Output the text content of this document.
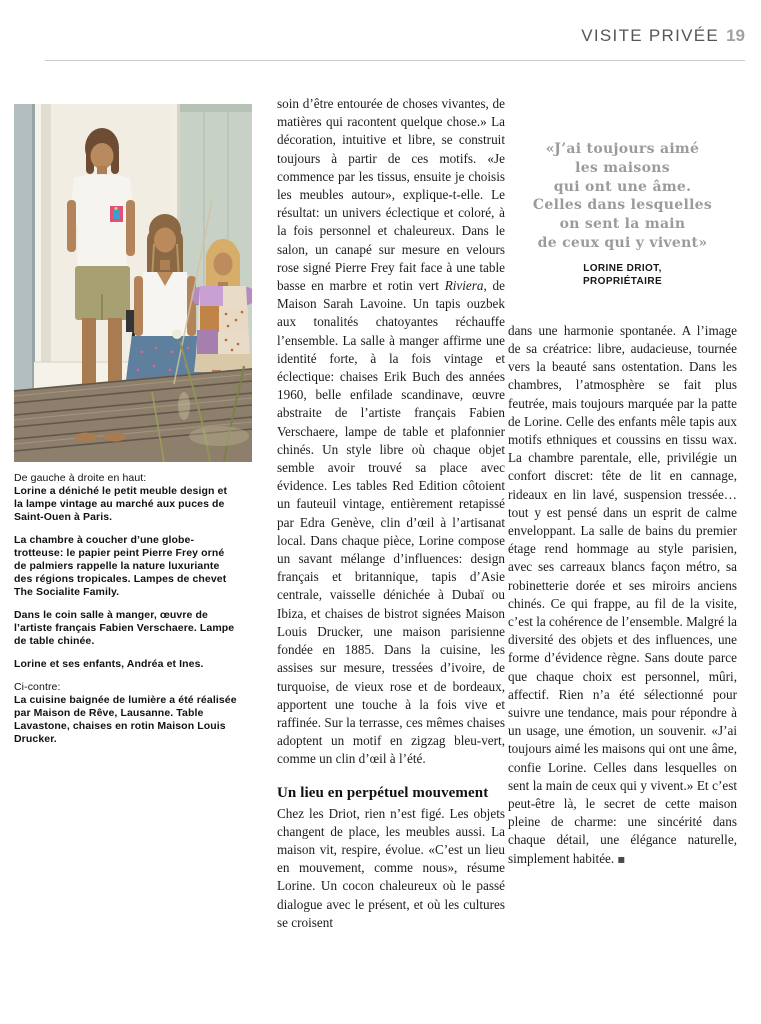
VISITE PRIVÉE 19

De gauche à droite en haut:
Lorine a déniché le petit meuble design et la lampe vintage au marché aux puces de Saint-Ouen à Paris.

La chambre à coucher d’une globe-trotteuse: le papier peint Pierre Frey orné de palmiers rappelle la nature luxuriante des régions tropicales. Lampes de chevet The Socialite Family.

Dans le coin salle à manger, œuvre de l’artiste français Fabien Verschaere. Lampe de table chinée.

Lorine et ses enfants, Andréa et Ines.

Ci-contre:
La cuisine baignée de lumière a été réalisée par Maison de Rêve, Lausanne. Table Lavastone, chaises en rotin Maison Louis Drucker.

soin d’être entourée de choses vivantes, de matières qui racontent quelque chose.» La décoration, intuitive et libre, se construit toujours à partir de ces motifs. «Je commence par les tissus, ensuite je choisis les meubles autour», explique-t-elle. Le résultat: un univers éclectique et coloré, à la fois personnel et chaleureux. Dans le salon, un canapé sur mesure en velours rose signé Pierre Frey fait face à une table basse en marbre et rotin vert Riviera, de Maison Sarah Lavoine. Un tapis ouzbek aux tonalités chatoyantes réchauffe l’ensemble. La salle à manger affirme une identité forte, à la fois vintage et éclectique: chaises Erik Buch des années 1960, belle enfilade scandinave, œuvre abstraite de l’artiste français Fabien Verschaere, lampe de table et plafonnier chinés. Un style libre où chaque objet semble avoir trouvé sa place avec évidence. Les tables Red Edition côtoient un fauteuil vintage, entièrement retapissé par Edra Genève, clin d’œil à l’artisanat local. Dans chaque pièce, Lorine compose un savant mélange d’influences: design français et britannique, tapis d’Asie centrale, vaisselle dénichée à Dubaï ou Ibiza, et chaises de bistrot signées Maison Louis Drucker, une maison parisienne fondée en 1885. Dans la cuisine, les assises sur mesure, tressées d’ivoire, de turquoise, de vieux rose et de bordeaux, apportent une touche à la fois vive et raffinée. Sur la terrasse, ces mêmes chaises adoptent un motif en zigzag bleu-vert, comme un clin d’œil à l’été.

Un lieu en perpétuel mouvement

Chez les Driot, rien n’est figé. Les objets changent de place, les meubles aussi. La maison vit, respire, évolue. «C’est un lieu en mouvement, comme nous», résume Lorine. Un cocon chaleureux où le passé dialogue avec le présent, et où les cultures se croisent

«J’ai toujours aimé
les maisons
qui ont une âme.
Celles dans lesquelles
on sent la main
de ceux qui y vivent»
LORINE DRIOT,
PROPRIÉTAIRE

dans une harmonie spontanée. A l’image de sa créatrice: libre, audacieuse, tournée vers la beauté sans ostentation. Dans les chambres, l’atmosphère se fait plus feutrée, mais toujours marquée par la patte de Lorine. Celle des enfants mêle tapis aux motifs ethniques et coussins en tissu wax. La chambre parentale, elle, privilégie un confort discret: tête de lit en cannage, rideaux en lin lavé, suspension tressée… tout y est pensé dans un esprit de calme enveloppant. La salle de bains du premier étage rend hommage au style parisien, avec ses carreaux blancs façon métro, sa robinetterie dorée et ses miroirs anciens chinés. Ce qui frappe, au fil de la visite, c’est la cohérence de l’ensemble. Malgré la diversité des objets et des influences, une forme d’évidence règne. Sans doute parce que chaque choix est personnel, mûri, affectif. Rien n’a été sélectionné pour suivre une tendance, mais pour répondre à un usage, une émotion, un souvenir. «J’ai toujours aimé les maisons qui ont une âme, confie Lorine. Celles dans lesquelles on sent la main de ceux qui y vivent.» Et c’est peut-être là, le secret de cette maison pleine de charme: une sincérité dans chaque détail, une élégance naturelle, simplement habitée. ▪
